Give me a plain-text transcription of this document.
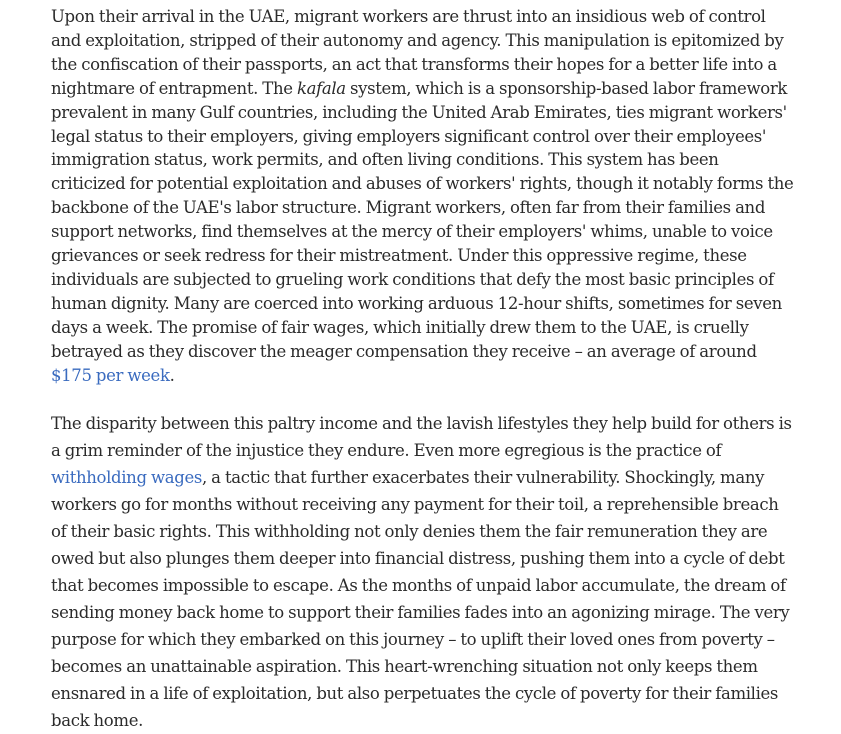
Upon their arrival in the UAE, migrant workers are thrust into an insidious web of control and exploitation, stripped of their autonomy and agency. This manipulation is epitomized by the confiscation of their passports, an act that transforms their hopes for a better life into a nightmare of entrapment. The kafala system, which is a sponsorship-based labor framework prevalent in many Gulf countries, including the United Arab Emirates, ties migrant workers' legal status to their employers, giving employers significant control over their employees' immigration status, work permits, and often living conditions. This system has been criticized for potential exploitation and abuses of workers' rights, though it notably forms the backbone of the UAE's labor structure. Migrant workers, often far from their families and support networks, find themselves at the mercy of their employers' whims, unable to voice grievances or seek redress for their mistreatment. Under this oppressive regime, these individuals are subjected to grueling work conditions that defy the most basic principles of human dignity. Many are coerced into working arduous 12-hour shifts, sometimes for seven days a week. The promise of fair wages, which initially drew them to the UAE, is cruelly betrayed as they discover the meager compensation they receive – an average of around $175 per week.

The disparity between this paltry income and the lavish lifestyles they help build for others is a grim reminder of the injustice they endure. Even more egregious is the practice of withholding wages, a tactic that further exacerbates their vulnerability. Shockingly, many workers go for months without receiving any payment for their toil, a reprehensible breach of their basic rights. This withholding not only denies them the fair remuneration they are owed but also plunges them deeper into financial distress, pushing them into a cycle of debt that becomes impossible to escape. As the months of unpaid labor accumulate, the dream of sending money back home to support their families fades into an agonizing mirage. The very purpose for which they embarked on this journey – to uplift their loved ones from poverty – becomes an unattainable aspiration. This heart-wrenching situation not only keeps them ensnared in a life of exploitation, but also perpetuates the cycle of poverty for their families back home.
